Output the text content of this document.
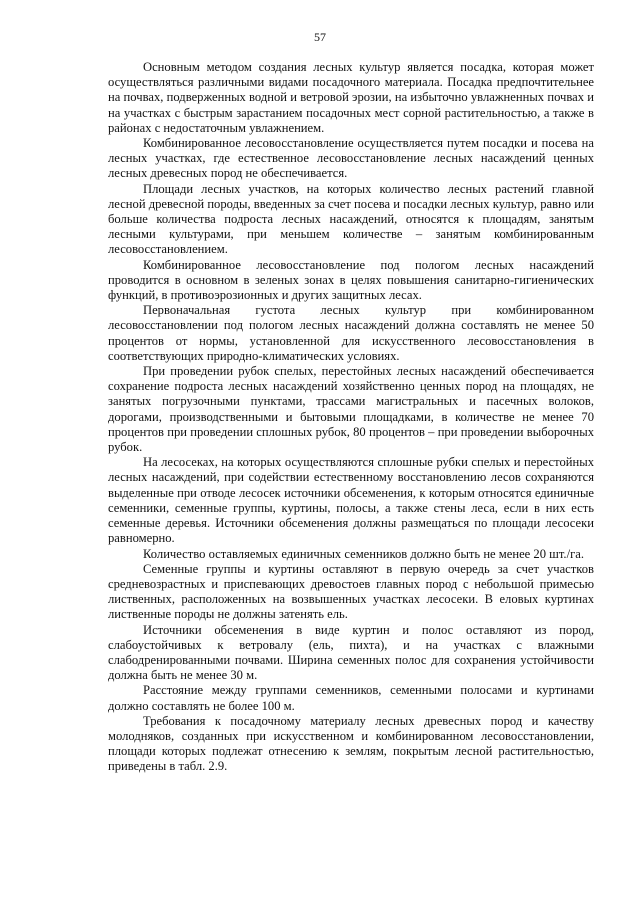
57

Основным методом создания лесных культур является посадка, которая может осуществляться различными видами посадочного материала. Посадка предпочтительнее на почвах, подверженных водной и ветровой эрозии, на избыточно увлажненных почвах и на участках с быстрым зарастанием посадочных мест сорной растительностью, а также в районах с недостаточным увлажнением.

Комбинированное лесовосстановление осуществляется путем посадки и посева на лесных участках, где естественное лесовосстановление лесных насаждений ценных лесных древесных пород не обеспечивается.

Площади лесных участков, на которых количество лесных растений главной лесной древесной породы, введенных за счет посева и посадки лесных культур, равно или больше количества подроста лесных насаждений, относятся к площадям, занятым лесными культурами, при меньшем количестве – занятым комбинированным лесовосстановлением.

Комбинированное лесовосстановление под пологом лесных насаждений проводится в основном в зеленых зонах в целях повышения санитарно-гигиенических функций, в противоэрозионных и других защитных лесах.

Первоначальная густота лесных культур при комбинированном лесовосстановлении под пологом лесных насаждений должна составлять не менее 50 процентов от нормы, установленной для искусственного лесовосстановления в соответствующих природно-климатических условиях.

При проведении рубок спелых, перестойных лесных насаждений обеспечивается сохранение подроста лесных насаждений хозяйственно ценных пород на площадях, не занятых погрузочными пунктами, трассами магистральных и пасечных волоков, дорогами, производственными и бытовыми площадками, в количестве не менее 70 процентов при проведении сплошных рубок, 80 процентов – при проведении выборочных рубок.

На лесосеках, на которых осуществляются сплошные рубки спелых и перестойных лесных насаждений, при содействии естественному восстановлению лесов сохраняются выделенные при отводе лесосек источники обсеменения, к которым относятся единичные семенники, семенные группы, куртины, полосы, а также стены леса, если в них есть семенные деревья. Источники обсеменения должны размещаться по площади лесосеки равномерно.

Количество оставляемых единичных семенников должно быть не менее 20 шт./га.

Семенные группы и куртины оставляют в первую очередь за счет участков средневозрастных и приспевающих древостоев главных пород с небольшой примесью лиственных, расположенных на возвышенных участках лесосеки. В еловых куртинах лиственные породы не должны затенять ель.

Источники обсеменения в виде куртин и полос оставляют из пород, слабоустойчивых к ветровалу (ель, пихта), и на участках с влажными слабодренированными почвами. Ширина семенных полос для сохранения устойчивости должна быть не менее 30 м.

Расстояние между группами семенников, семенными полосами и куртинами должно составлять не более 100 м.

Требования к посадочному материалу лесных древесных пород и качеству молодняков, созданных при искусственном и комбинированном лесовосстановлении, площади которых подлежат отнесению к землям, покрытым лесной растительностью, приведены в табл. 2.9.
